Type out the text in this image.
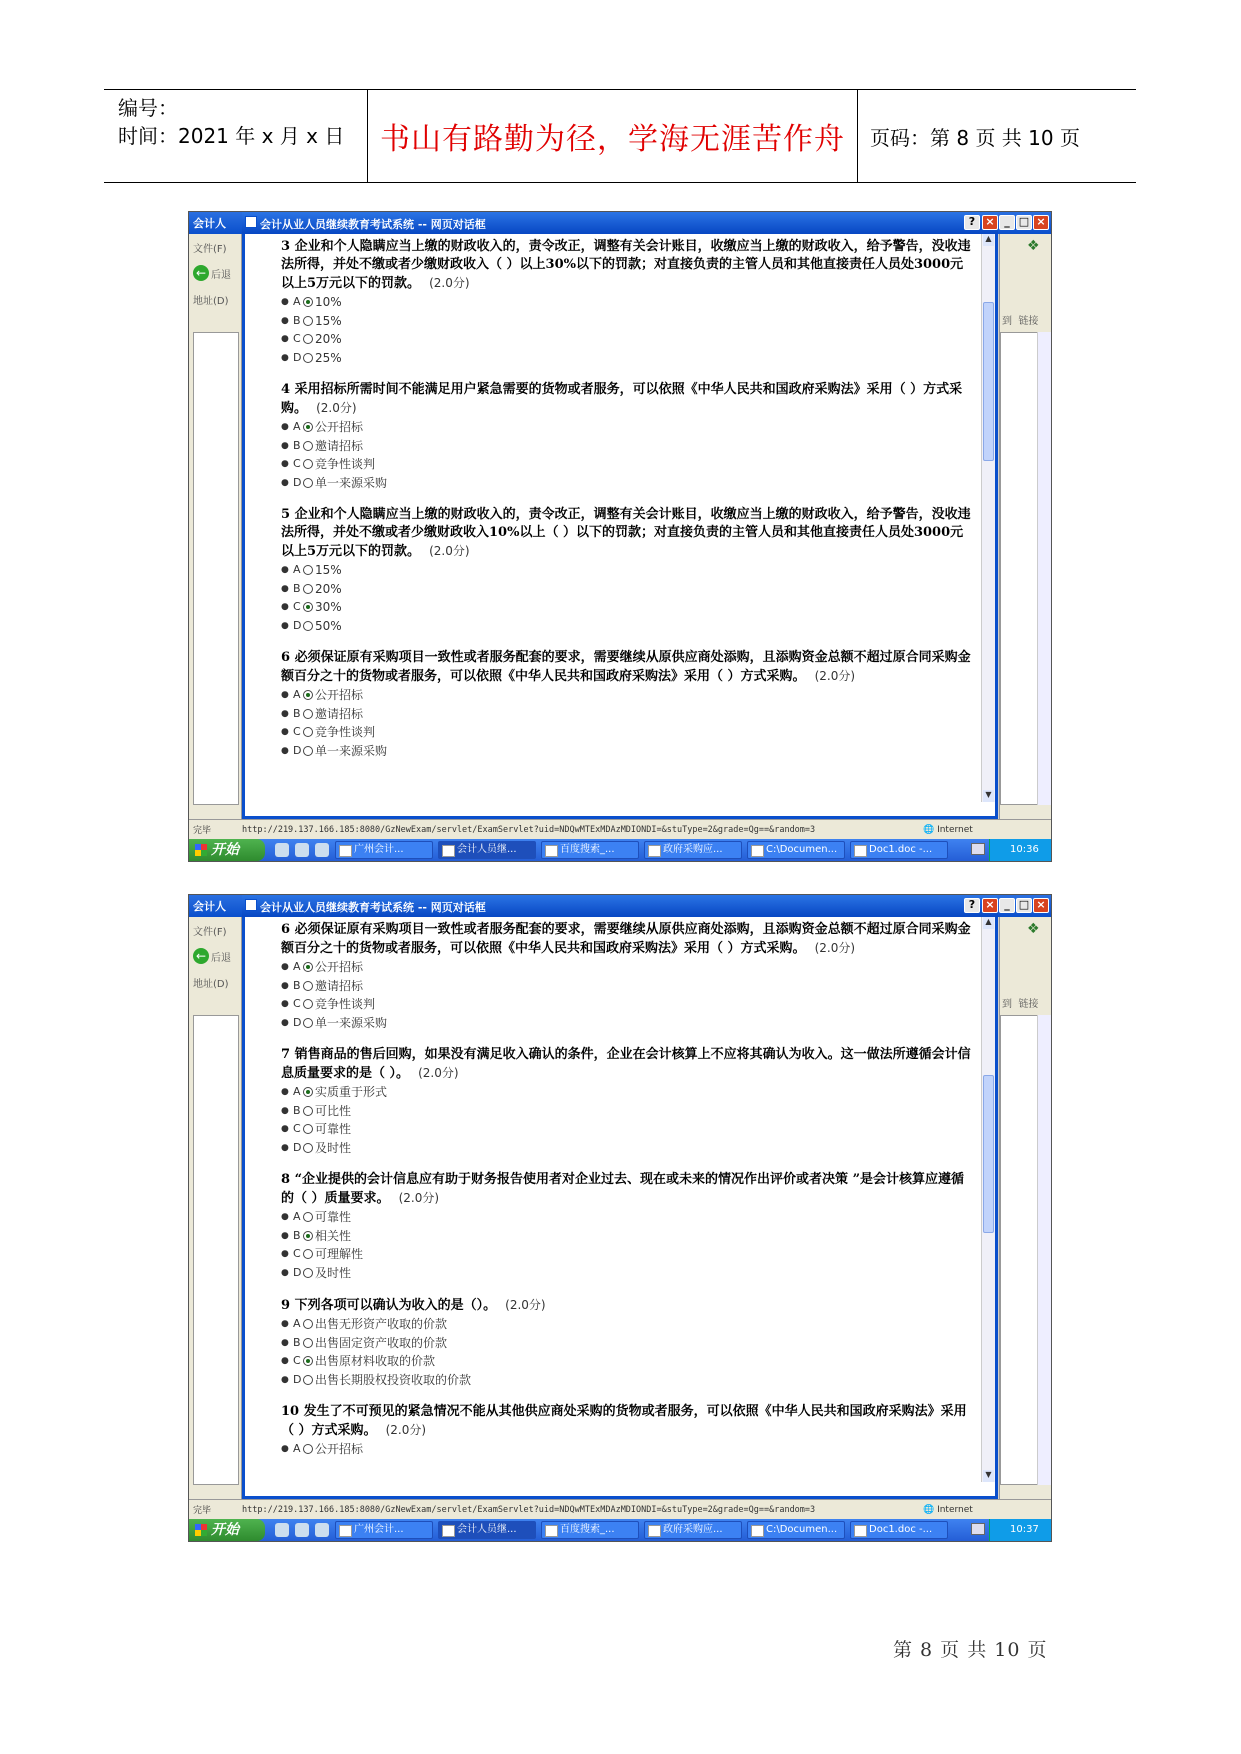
编号：
时间：2021 年 x 月 x 日	书山有路勤为径，学海无涯苦作舟	页码：第 8 页 共 10 页
会计人	_ □ ×
文件(F)
← 后退
地址(D)
❖
到 链接
会计从业人员继续教育考试系统 -- 网页对话框	? ×
3 企业和个人隐瞒应当上缴的财政收入的，责令改正，调整有关会计账目，收缴应当上缴的财政收入，给予警告，没收违法所得，并处不缴或者少缴财政收入（ ）以上30%以下的罚款；对直接负责的主管人员和其他直接责任人员处3000元以上5万元以下的罚款。 (2.0分)
● A 10%
● B 15%
● C 20%
● D 25%
4 采用招标所需时间不能满足用户紧急需要的货物或者服务，可以依照《中华人民共和国政府采购法》采用（ ）方式采购。 (2.0分)
● A 公开招标
● B 邀请招标
● C 竞争性谈判
● D 单一来源采购
5 企业和个人隐瞒应当上缴的财政收入的，责令改正，调整有关会计账目，收缴应当上缴的财政收入，给予警告，没收违法所得，并处不缴或者少缴财政收入10%以上（ ）以下的罚款；对直接负责的主管人员和其他直接责任人员处3000元以上5万元以下的罚款。 (2.0分)
● A 15%
● B 20%
● C 30%
● D 50%
6 必须保证原有采购项目一致性或者服务配套的要求，需要继续从原供应商处添购，且添购资金总额不超过原合同采购金额百分之十的货物或者服务，可以依照《中华人民共和国政府采购法》采用（ ）方式采购。 (2.0分)
● A 公开招标
● B 邀请招标
● C 竞争性谈判
● D 单一来源采购
▲
▼
完毕	http://219.137.166.185:8080/GzNewExam/servlet/ExamServlet?uid=NDQwMTExMDAzMDIONDI=&stuType=2&grade=Qg==&random=3	🌐 Internet
开始	广州会计...	会计人员继...	百度搜索_...	政府采购应...	C:\Documen...	Doc1.doc -...	10:36
会计人	_ □ ×
文件(F)
← 后退
地址(D)
❖
到 链接
会计从业人员继续教育考试系统 -- 网页对话框	? ×
6 必须保证原有采购项目一致性或者服务配套的要求，需要继续从原供应商处添购，且添购资金总额不超过原合同采购金额百分之十的货物或者服务，可以依照《中华人民共和国政府采购法》采用（ ）方式采购。 (2.0分)
● A 公开招标
● B 邀请招标
● C 竞争性谈判
● D 单一来源采购
7 销售商品的售后回购，如果没有满足收入确认的条件，企业在会计核算上不应将其确认为收入。这一做法所遵循会计信息质量要求的是（ ）。 (2.0分)
● A 实质重于形式
● B 可比性
● C 可靠性
● D 及时性
8 “企业提供的会计信息应有助于财务报告使用者对企业过去、现在或未来的情况作出评价或者决策 ”是会计核算应遵循的（ ）质量要求。 (2.0分)
● A 可靠性
● B 相关性
● C 可理解性
● D 及时性
9 下列各项可以确认为收入的是（）。 (2.0分)
● A 出售无形资产收取的价款
● B 出售固定资产收取的价款
● C 出售原材料收取的价款
● D 出售长期股权投资收取的价款
10 发生了不可预见的紧急情况不能从其他供应商处采购的货物或者服务，可以依照《中华人民共和国政府采购法》采用（ ）方式采购。 (2.0分)
● A 公开招标
▲
▼
完毕	http://219.137.166.185:8080/GzNewExam/servlet/ExamServlet?uid=NDQwMTExMDAzMDIONDI=&stuType=2&grade=Qg==&random=3	🌐 Internet
开始	广州会计...	会计人员继...	百度搜索_...	政府采购应...	C:\Documen...	Doc1.doc -...	10:37
第 8 页 共 10 页
